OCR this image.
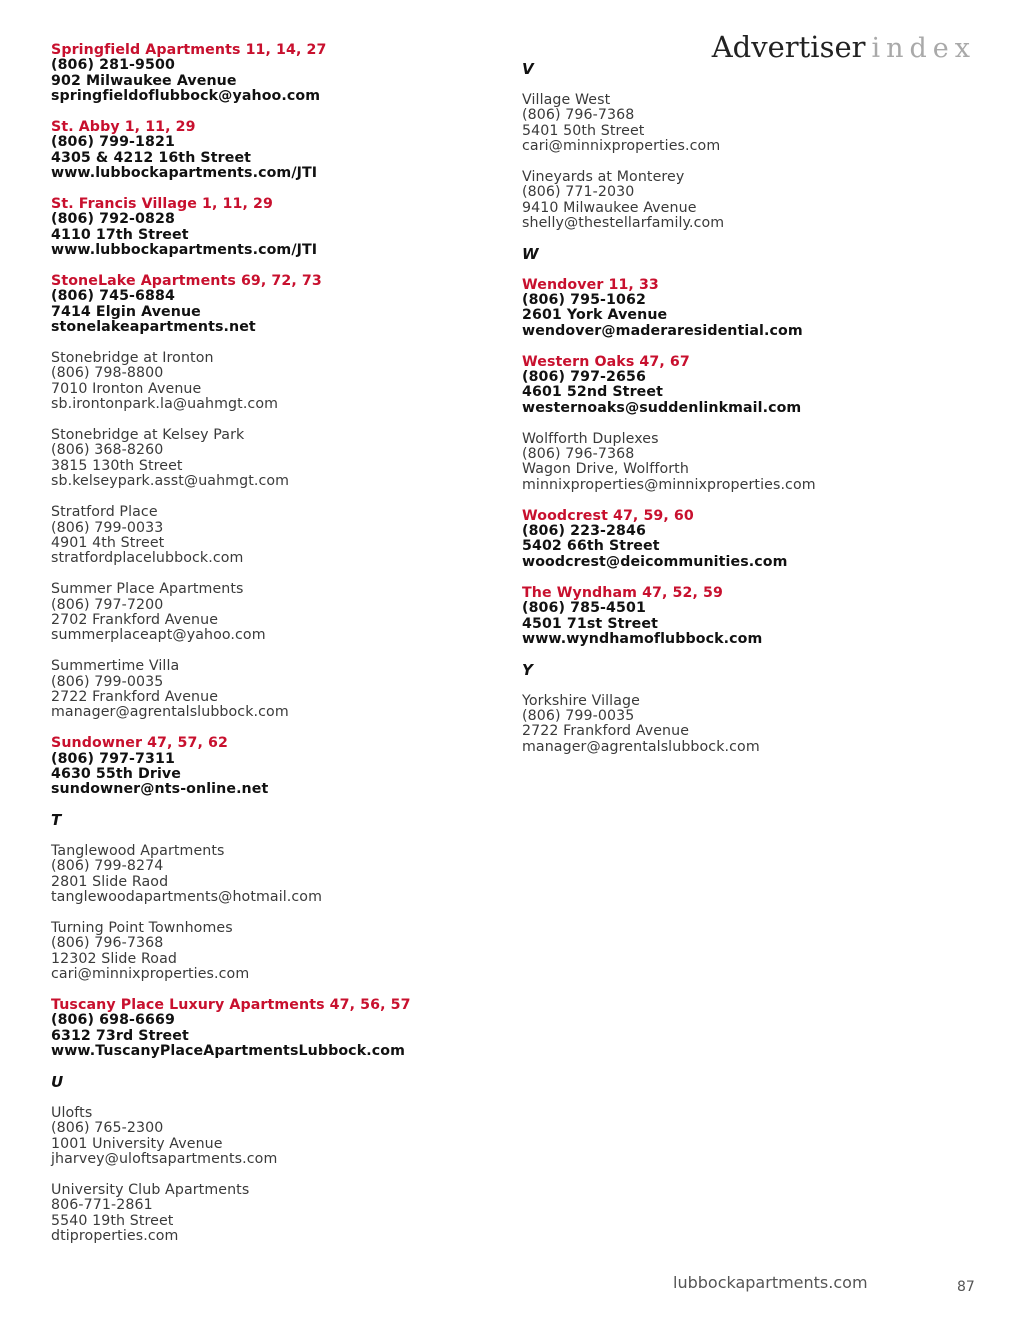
Advertiser index
Springfield Apartments 11, 14, 27
(806) 281-9500
902 Milwaukee Avenue
springfieldoflubbock@yahoo.com
St. Abby 1, 11, 29
(806) 799-1821
4305 & 4212 16th Street
www.lubbockapartments.com/JTI
St. Francis Village 1, 11, 29
(806) 792-0828
4110 17th Street
www.lubbockapartments.com/JTI
StoneLake Apartments 69, 72, 73
(806) 745-6884
7414 Elgin Avenue
stonelakeapartments.net
Stonebridge at Ironton
(806) 798-8800
7010 Ironton Avenue
sb.irontonpark.la@uahmgt.com
Stonebridge at Kelsey Park
(806) 368-8260
3815 130th Street
sb.kelseypark.asst@uahmgt.com
Stratford Place
(806) 799-0033
4901 4th Street
stratfordplacelubbock.com
Summer Place Apartments
(806) 797-7200
2702 Frankford Avenue
summerplaceapt@yahoo.com
Summertime Villa
(806) 799-0035
2722 Frankford Avenue
manager@agrentalslubbock.com
Sundowner 47, 57, 62
(806) 797-7311
4630 55th Drive
sundowner@nts-online.net
T
Tanglewood Apartments
(806) 799-8274
2801 Slide Raod
tanglewoodapartments@hotmail.com
Turning Point Townhomes
(806) 796-7368
12302 Slide Road
cari@minnixproperties.com
Tuscany Place Luxury Apartments 47, 56, 57
(806) 698-6669
6312 73rd Street
www.TuscanyPlaceApartmentsLubbock.com
U
Ulofts
(806) 765-2300
1001 University Avenue
jharvey@uloftsapartments.com
University Club Apartments
806-771-2861
5540 19th Street
dtiproperties.com
V
Village West
(806) 796-7368
5401 50th Street
cari@minnixproperties.com
Vineyards at Monterey
(806) 771-2030
9410 Milwaukee Avenue
shelly@thestellarfamily.com
W
Wendover 11, 33
(806) 795-1062
2601 York Avenue
wendover@maderaresidential.com
Western Oaks 47, 67
(806) 797-2656
4601 52nd Street
westernoaks@suddenlinkmail.com
Wolfforth Duplexes
(806) 796-7368
Wagon Drive, Wolfforth
minnixproperties@minnixproperties.com
Woodcrest 47, 59, 60
(806) 223-2846
5402 66th Street
woodcrest@deicommunities.com
The Wyndham 47, 52, 59
(806) 785-4501
4501 71st Street
www.wyndhamoflubbock.com
Y
Yorkshire Village
(806) 799-0035
2722 Frankford Avenue
manager@agrentalslubbock.com
lubbockapartments.com	87
